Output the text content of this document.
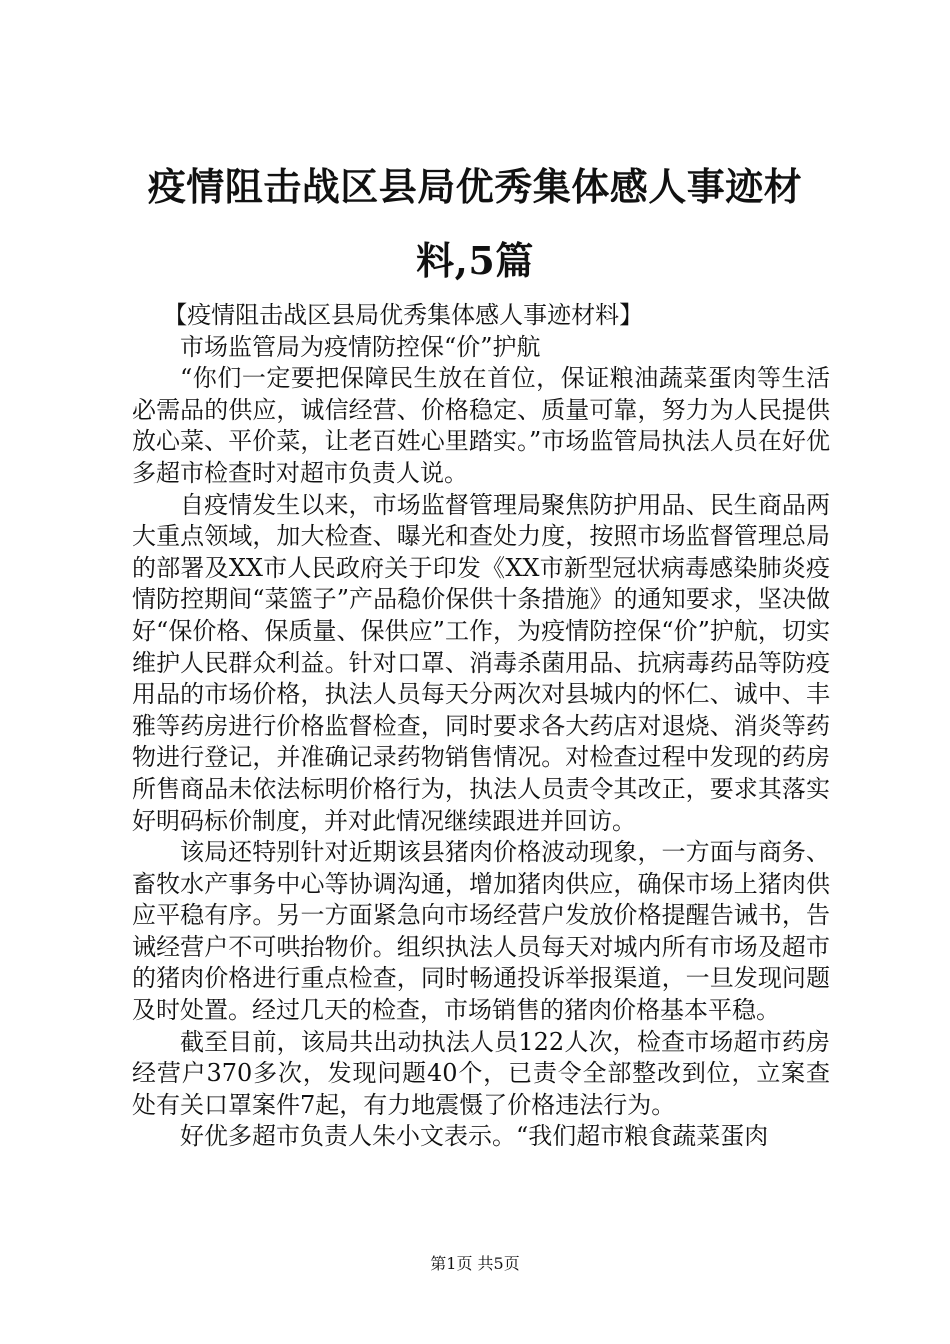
疫情阻击战区县局优秀集体感人事迹材料,5篇

【疫情阻击战区县局优秀集体感人事迹材料】

市场监管局为疫情防控保“价”护航

“你们一定要把保障民生放在首位，保证粮油蔬菜蛋肉等生活必需品的供应，诚信经营、价格稳定、质量可靠，努力为人民提供放心菜、平价菜，让老百姓心里踏实。”市场监管局执法人员在好优多超市检查时对超市负责人说。

自疫情发生以来，市场监督管理局聚焦防护用品、民生商品两大重点领域，加大检查、曝光和查处力度，按照市场监督管理总局的部署及XX市人民政府关于印发《XX市新型冠状病毒感染肺炎疫情防控期间“菜篮子”产品稳价保供十条措施》的通知要求，坚决做好“保价格、保质量、保供应”工作，为疫情防控保“价”护航，切实维护人民群众利益。针对口罩、消毒杀菌用品、抗病毒药品等防疫用品的市场价格，执法人员每天分两次对县城内的怀仁、诚中、丰雅等药房进行价格监督检查，同时要求各大药店对退烧、消炎等药物进行登记，并准确记录药物销售情况。对检查过程中发现的药房所售商品未依法标明价格行为，执法人员责令其改正，要求其落实好明码标价制度，并对此情况继续跟进并回访。

该局还特别针对近期该县猪肉价格波动现象，一方面与商务、畜牧水产事务中心等协调沟通，增加猪肉供应，确保市场上猪肉供应平稳有序。另一方面紧急向市场经营户发放价格提醒告诫书，告诫经营户不可哄抬物价。组织执法人员每天对城内所有市场及超市的猪肉价格进行重点检查，同时畅通投诉举报渠道，一旦发现问题及时处置。经过几天的检查，市场销售的猪肉价格基本平稳。

截至目前，该局共出动执法人员122人次，检查市场超市药房经营户370多次，发现问题40个，已责令全部整改到位，立案查处有关口罩案件7起，有力地震慑了价格违法行为。

好优多超市负责人朱小文表示。“我们超市粮食蔬菜蛋肉

第1页 共5页
